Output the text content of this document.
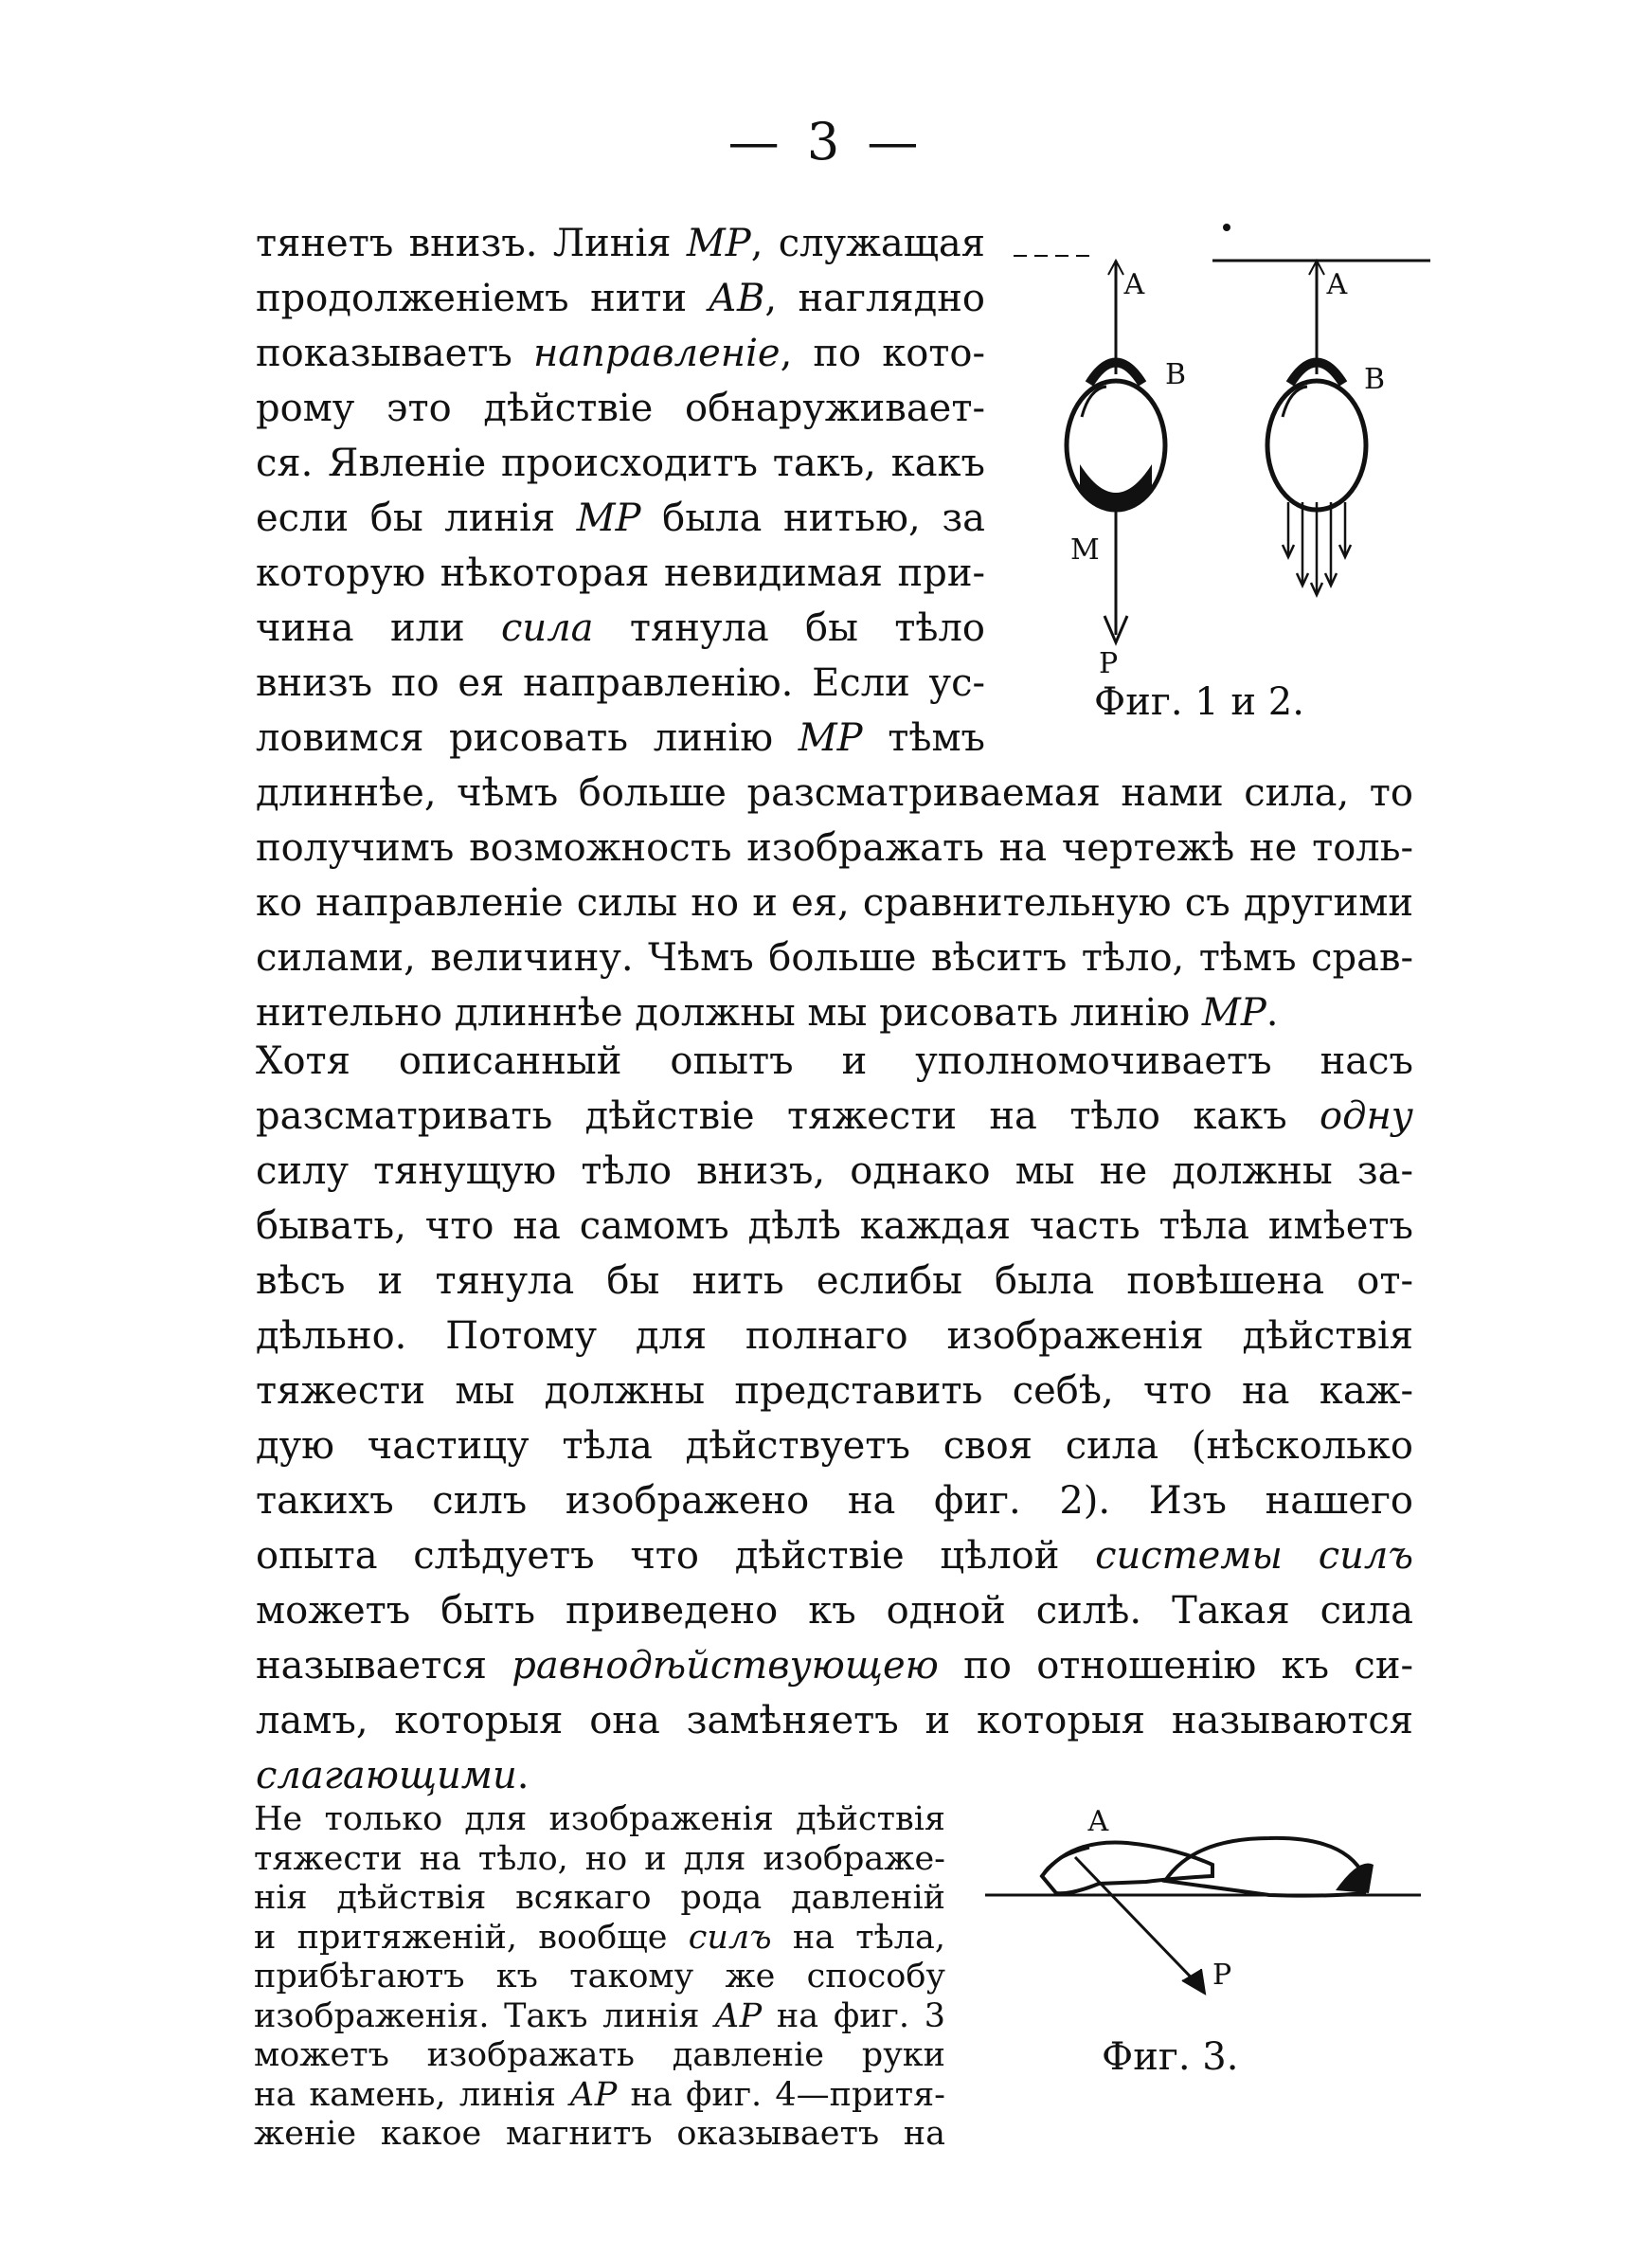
— 3 —
тянетъ внизъ. Линія МР, служащая
продолженіемъ нити АВ, наглядно
показываетъ направленіе, по кото-
рому это дѣйствіе обнаруживает-
ся. Явленіе происходитъ такъ, какъ
если бы линія МР была нитью, за
которую нѣкоторая невидимая при-
чина или сила тянула бы тѣло
внизъ по ея направленію. Если ус-
ловимся рисовать линію МР тѣмъ
длиннѣе, чѣмъ больше разсматриваемая нами сила, то
получимъ возможность изображать на чертежѣ не толь-
ко направленіе силы но и ея, сравнительную съ другими
силами, величину. Чѣмъ больше вѣситъ тѣло, тѣмъ срав-
нительно длиннѣе должны мы рисовать линію МР.
Хотя описанный опытъ и уполномочиваетъ насъ
разсматривать дѣйствіе тяжести на тѣло какъ одну
силу тянущую тѣло внизъ, однако мы не должны за-
бывать, что на самомъ дѣлѣ каждая часть тѣла имѣетъ
вѣсъ и тянула бы нить еслибы была повѣшена от-
дѣльно. Потому для полнаго изображенія дѣйствія
тяжести мы должны представить себѣ, что на каж-
дую частицу тѣла дѣйствуетъ своя сила (нѣсколько
такихъ силъ изображено на фиг. 2). Изъ нашего
опыта слѣдуетъ что дѣйствіе цѣлой системы силъ
можетъ быть приведено къ одной силѣ. Такая сила
называется равнодѣйствующею по отношенію къ си-
ламъ, которыя она замѣняетъ и которыя называются
слагающими.
Не только для изображенія дѣйствія
тяжести на тѣло, но и для изображе-
нія дѣйствія всякаго рода давленій
и притяженій, вообще силъ на тѣла,
прибѣгаютъ къ такому же способу
изображенія. Такъ линія АР на фиг. 3
можетъ изображать давленіе руки
на камень, линія АР на фиг. 4—притя-
женіе какое магнитъ оказываетъ на
А
В
М
Р
А
В
Фиг. 1 и 2.
А
Р
Фиг. 3.
